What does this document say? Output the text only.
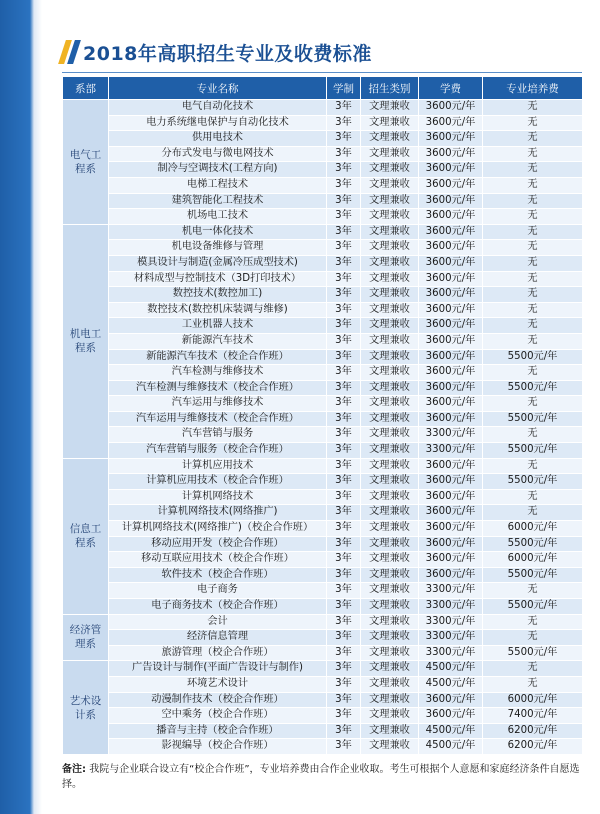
2018年高职招生专业及收费标准
系部	专业名称	学制	招生类别	学费	专业培养费
电气工程系	电气自动化技术	3年	文理兼收	3600元/年	无
	电力系统继电保护与自动化技术	3年	文理兼收	3600元/年	无
	供用电技术	3年	文理兼收	3600元/年	无
	分布式发电与微电网技术	3年	文理兼收	3600元/年	无
	制冷与空调技术(工程方向)	3年	文理兼收	3600元/年	无
	电梯工程技术	3年	文理兼收	3600元/年	无
	建筑智能化工程技术	3年	文理兼收	3600元/年	无
	机场电工技术	3年	文理兼收	3600元/年	无
机电工程系	机电一体化技术	3年	文理兼收	3600元/年	无
	机电设备维修与管理	3年	文理兼收	3600元/年	无
	模具设计与制造(金属冷压成型技术)	3年	文理兼收	3600元/年	无
	材料成型与控制技术（3D打印技术）	3年	文理兼收	3600元/年	无
	数控技术(数控加工)	3年	文理兼收	3600元/年	无
	数控技术(数控机床装调与维修)	3年	文理兼收	3600元/年	无
	工业机器人技术	3年	文理兼收	3600元/年	无
	新能源汽车技术	3年	文理兼收	3600元/年	无
	新能源汽车技术（校企合作班）	3年	文理兼收	3600元/年	5500元/年
	汽车检测与维修技术	3年	文理兼收	3600元/年	无
	汽车检测与维修技术（校企合作班）	3年	文理兼收	3600元/年	5500元/年
	汽车运用与维修技术	3年	文理兼收	3600元/年	无
	汽车运用与维修技术（校企合作班）	3年	文理兼收	3600元/年	5500元/年
	汽车营销与服务	3年	文理兼收	3300元/年	无
	汽车营销与服务（校企合作班）	3年	文理兼收	3300元/年	5500元/年
信息工程系	计算机应用技术	3年	文理兼收	3600元/年	无
	计算机应用技术（校企合作班）	3年	文理兼收	3600元/年	5500元/年
	计算机网络技术	3年	文理兼收	3600元/年	无
	计算机网络技术(网络推广)	3年	文理兼收	3600元/年	无
	计算机网络技术(网络推广)（校企合作班）	3年	文理兼收	3600元/年	6000元/年
	移动应用开发（校企合作班）	3年	文理兼收	3600元/年	5500元/年
	移动互联应用技术（校企合作班）	3年	文理兼收	3600元/年	6000元/年
	软件技术（校企合作班）	3年	文理兼收	3600元/年	5500元/年
	电子商务	3年	文理兼收	3300元/年	无
	电子商务技术（校企合作班）	3年	文理兼收	3300元/年	5500元/年
经济管理系	会计	3年	文理兼收	3300元/年	无
	经济信息管理	3年	文理兼收	3300元/年	无
	旅游管理（校企合作班）	3年	文理兼收	3300元/年	5500元/年
艺术设计系	广告设计与制作(平面广告设计与制作)	3年	文理兼收	4500元/年	无
	环境艺术设计	3年	文理兼收	4500元/年	无
	动漫制作技术（校企合作班）	3年	文理兼收	3600元/年	6000元/年
	空中乘务（校企合作班）	3年	文理兼收	3600元/年	7400元/年
	播音与主持（校企合作班）	3年	文理兼收	4500元/年	6200元/年
	影视编导（校企合作班）	3年	文理兼收	4500元/年	6200元/年
备注: 我院与企业联合设立有“校企合作班”，专业培养费由合作企业收取。考生可根据个人意愿和家庭经济条件自愿选择。
